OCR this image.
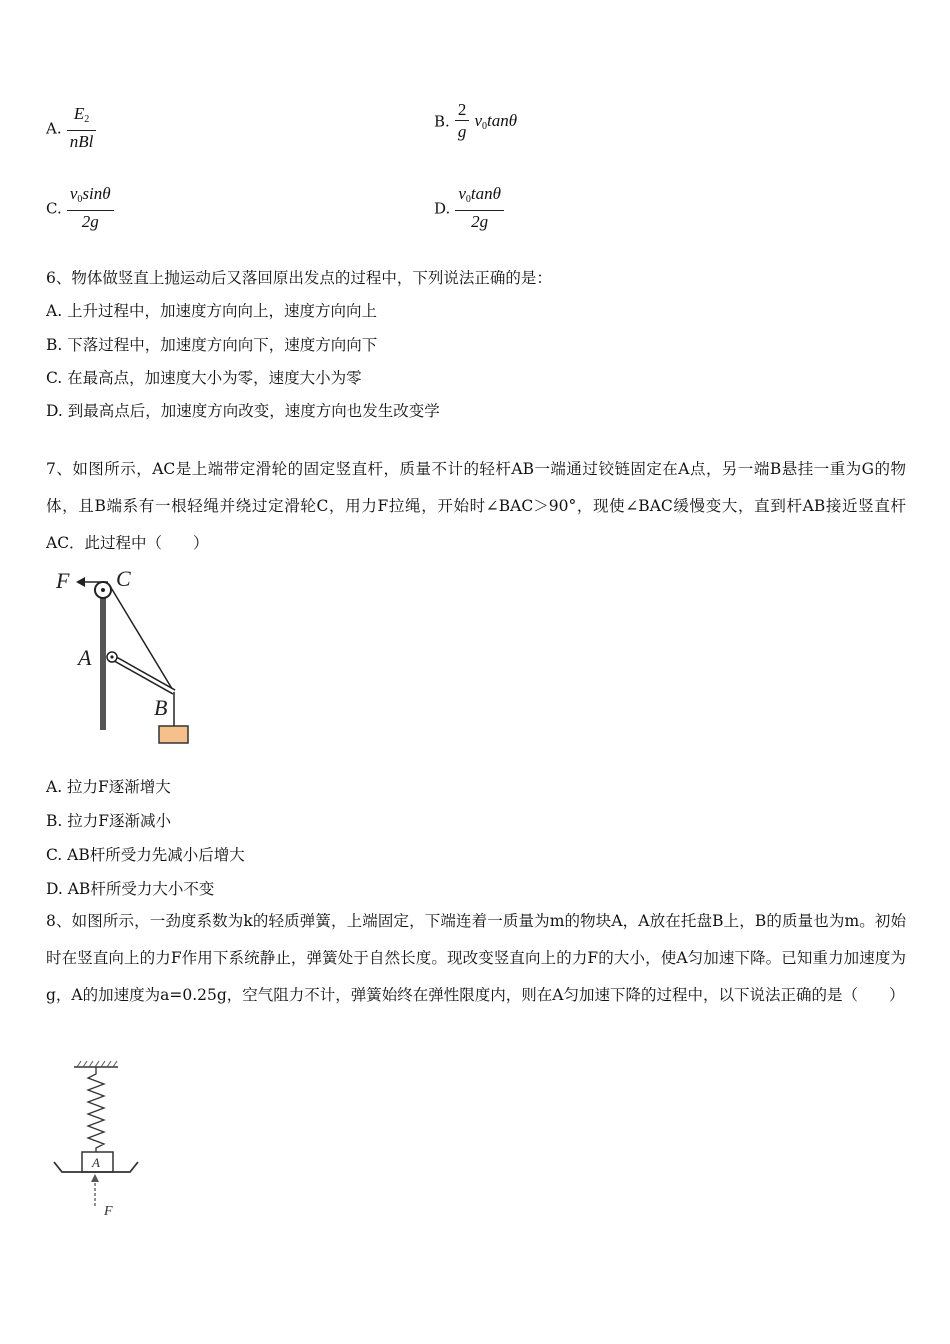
A. $\frac{E_2}{\text{nBl}}$	B. $\frac{2}{g} v_0\tan\theta$
C. $\frac{v_0\sin\theta}{2g}$	D. $\frac{v_0\tan\theta}{2g}$
6、物体做竖直上抛运动后又落回原出发点的过程中，下列说法正确的是：
A. 上升过程中，加速度方向向上，速度方向向上
B. 下落过程中，加速度方向向下，速度方向向下
C. 在最高点，加速度大小为零，速度大小为零
D. 到最高点后，加速度方向改变，速度方向也发生改变学
7、如图所示，AC是上端带定滑轮的固定竖直杆，质量不计的轻杆AB一端通过铰链固定在A点，另一端B悬挂一重为G的物体，且B端系有一根轻绳并绕过定滑轮C，用力F拉绳，开始时∠BAC＞90°，现使∠BAC缓慢变大，直到杆AB接近竖直杆AC．此过程中（　　）
F C
A
B
A. 拉力F逐渐增大
B. 拉力F逐渐减小
C. AB杆所受力先减小后增大
D. AB杆所受力大小不变
8、如图所示，一劲度系数为k的轻质弹簧，上端固定，下端连着一质量为m的物块A，A放在托盘B上，B的质量也为m。初始时在竖直向上的力F作用下系统静止，弹簧处于自然长度。现改变竖直向上的力F的大小，使A匀加速下降。已知重力加速度为g，A的加速度为a=0.25g，空气阻力不计，弹簧始终在弹性限度内，则在A匀加速下降的过程中，以下说法正确的是（　　）
A
F
